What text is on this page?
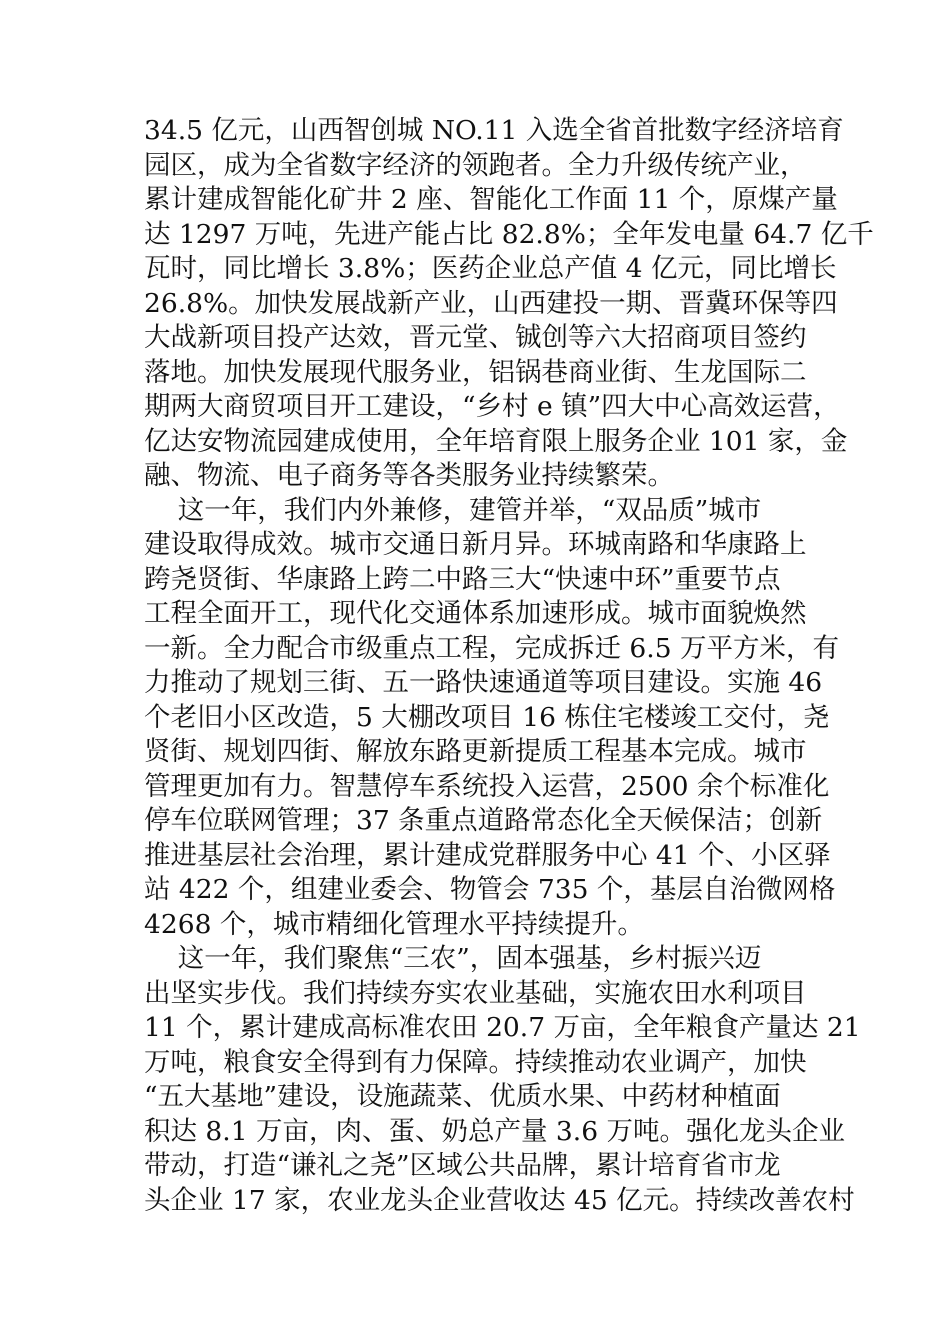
34.5 亿元，山西智创城 NO.11 入选全省首批数字经济培育
园区，成为全省数字经济的领跑者。全力升级传统产业，
累计建成智能化矿井 2 座、智能化工作面 11 个，原煤产量
达 1297 万吨，先进产能占比 82.8%；全年发电量 64.7 亿千
瓦时，同比增长 3.8%；医药企业总产值 4 亿元，同比增长
26.8%。加快发展战新产业，山西建投一期、晋冀环保等四
大战新项目投产达效，晋元堂、铖创等六大招商项目签约
落地。加快发展现代服务业，铝锅巷商业街、生龙国际二
期两大商贸项目开工建设，“乡村 e 镇”四大中心高效运营，
亿达安物流园建成使用，全年培育限上服务企业 101 家，金
融、物流、电子商务等各类服务业持续繁荣。
这一年，我们内外兼修，建管并举，“双品质”城市
建设取得成效。城市交通日新月异。环城南路和华康路上
跨尧贤街、华康路上跨二中路三大“快速中环”重要节点
工程全面开工，现代化交通体系加速形成。城市面貌焕然
一新。全力配合市级重点工程，完成拆迁 6.5 万平方米，有
力推动了规划三街、五一路快速通道等项目建设。实施 46
个老旧小区改造，5 大棚改项目 16 栋住宅楼竣工交付，尧
贤街、规划四街、解放东路更新提质工程基本完成。城市
管理更加有力。智慧停车系统投入运营，2500 余个标准化
停车位联网管理；37 条重点道路常态化全天候保洁；创新
推进基层社会治理，累计建成党群服务中心 41 个、小区驿
站 422 个，组建业委会、物管会 735 个，基层自治微网格
4268 个，城市精细化管理水平持续提升。
这一年，我们聚焦“三农”，固本强基，乡村振兴迈
出坚实步伐。我们持续夯实农业基础，实施农田水利项目
11 个，累计建成高标准农田 20.7 万亩，全年粮食产量达 21
万吨，粮食安全得到有力保障。持续推动农业调产，加快
“五大基地”建设，设施蔬菜、优质水果、中药材种植面
积达 8.1 万亩，肉、蛋、奶总产量 3.6 万吨。强化龙头企业
带动，打造“谦礼之尧”区域公共品牌，累计培育省市龙
头企业 17 家，农业龙头企业营收达 45 亿元。持续改善农村
